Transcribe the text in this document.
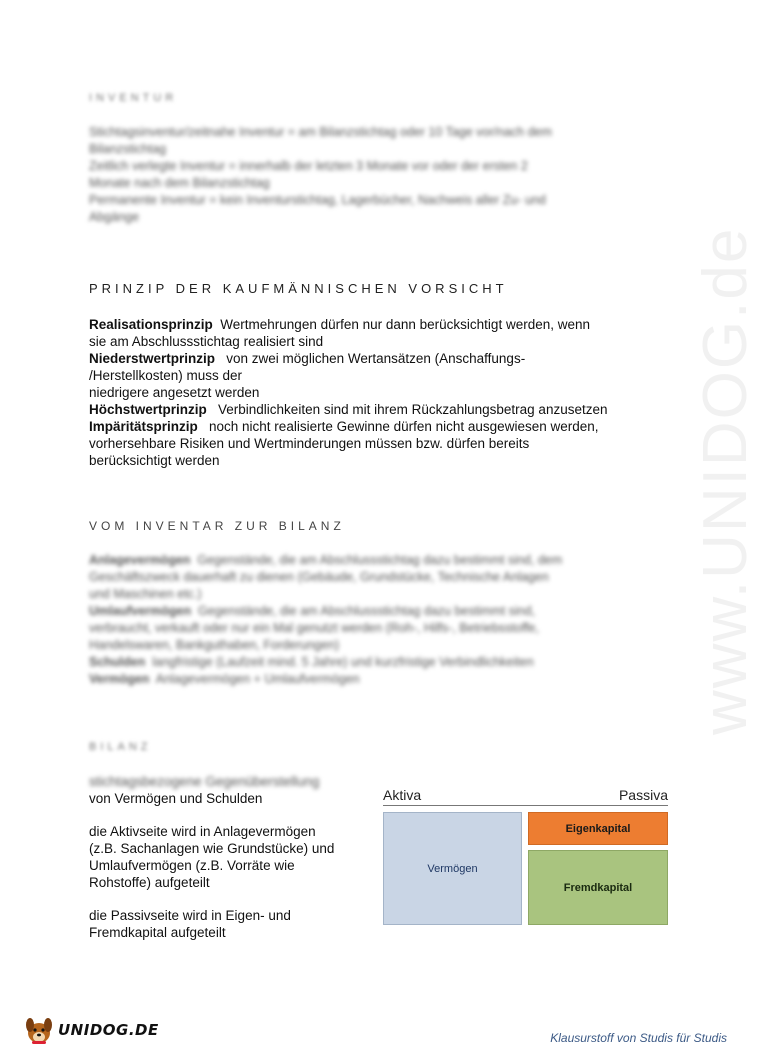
www.UNIDOG.de
INVENTUR

Stichtagsinventur/zeitnahe Inventur = am Bilanzstichtag oder 10 Tage vor/nach dem

Bilanzstichtag

Zeitlich verlegte Inventur = innerhalb der letzten 3 Monate vor oder der ersten 2

Monate nach dem Bilanzstichtag

Permanente Inventur = kein Inventurstichtag, Lagerbücher, Nachweis aller Zu- und

Abgänge

PRINZIP DER KAUFMÄNNISCHEN VORSICHT

Realisationsprinzip  Wertmehrungen dürfen nur dann berücksichtigt werden, wenn

sie am Abschlussstichtag realisiert sind

Niederstwertprinzip   von zwei möglichen Wertansätzen (Anschaffungs-

/Herstellkosten) muss der

niedrigere angesetzt werden

Höchstwertprinzip   Verbindlichkeiten sind mit ihrem Rückzahlungsbetrag anzusetzen

Impäritätsprinzip   noch nicht realisierte Gewinne dürfen nicht ausgewiesen werden,

vorhersehbare Risiken und Wertminderungen müssen bzw. dürfen bereits

berücksichtigt werden

VOM INVENTAR ZUR BILANZ

Anlagevermögen  Gegenstände, die am Abschlussstichtag dazu bestimmt sind, dem

Geschäftszweck dauerhaft zu dienen (Gebäude, Grundstücke, Technische Anlagen

und Maschinen etc.)

Umlaufvermögen  Gegenstände, die am Abschlussstichtag dazu bestimmt sind,

verbraucht, verkauft oder nur ein Mal genutzt werden (Roh-, Hilfs-, Betriebsstoffe,

Handelswaren, Bankguthaben, Forderungen)

Schulden  langfristige (Laufzeit mind. 5 Jahre) und kurzfristige Verbindlichkeiten

Vermögen  Anlagevermögen + Umlaufvermögen

BILANZ

stichtagsbezogene Gegenüberstellung

von Vermögen und Schulden

die Aktivseite wird in Anlagevermögen

(z.B. Sachanlagen wie Grundstücke) und

Umlaufvermögen (z.B. Vorräte wie

Rohstoffe) aufgeteilt

die Passivseite wird in Eigen- und

Fremdkapital aufgeteilt

Aktiva	Passiva
Vermögen
Eigenkapital
Fremdkapital
UNIDOG.DE	Klausurstoff von Studis für Studis
